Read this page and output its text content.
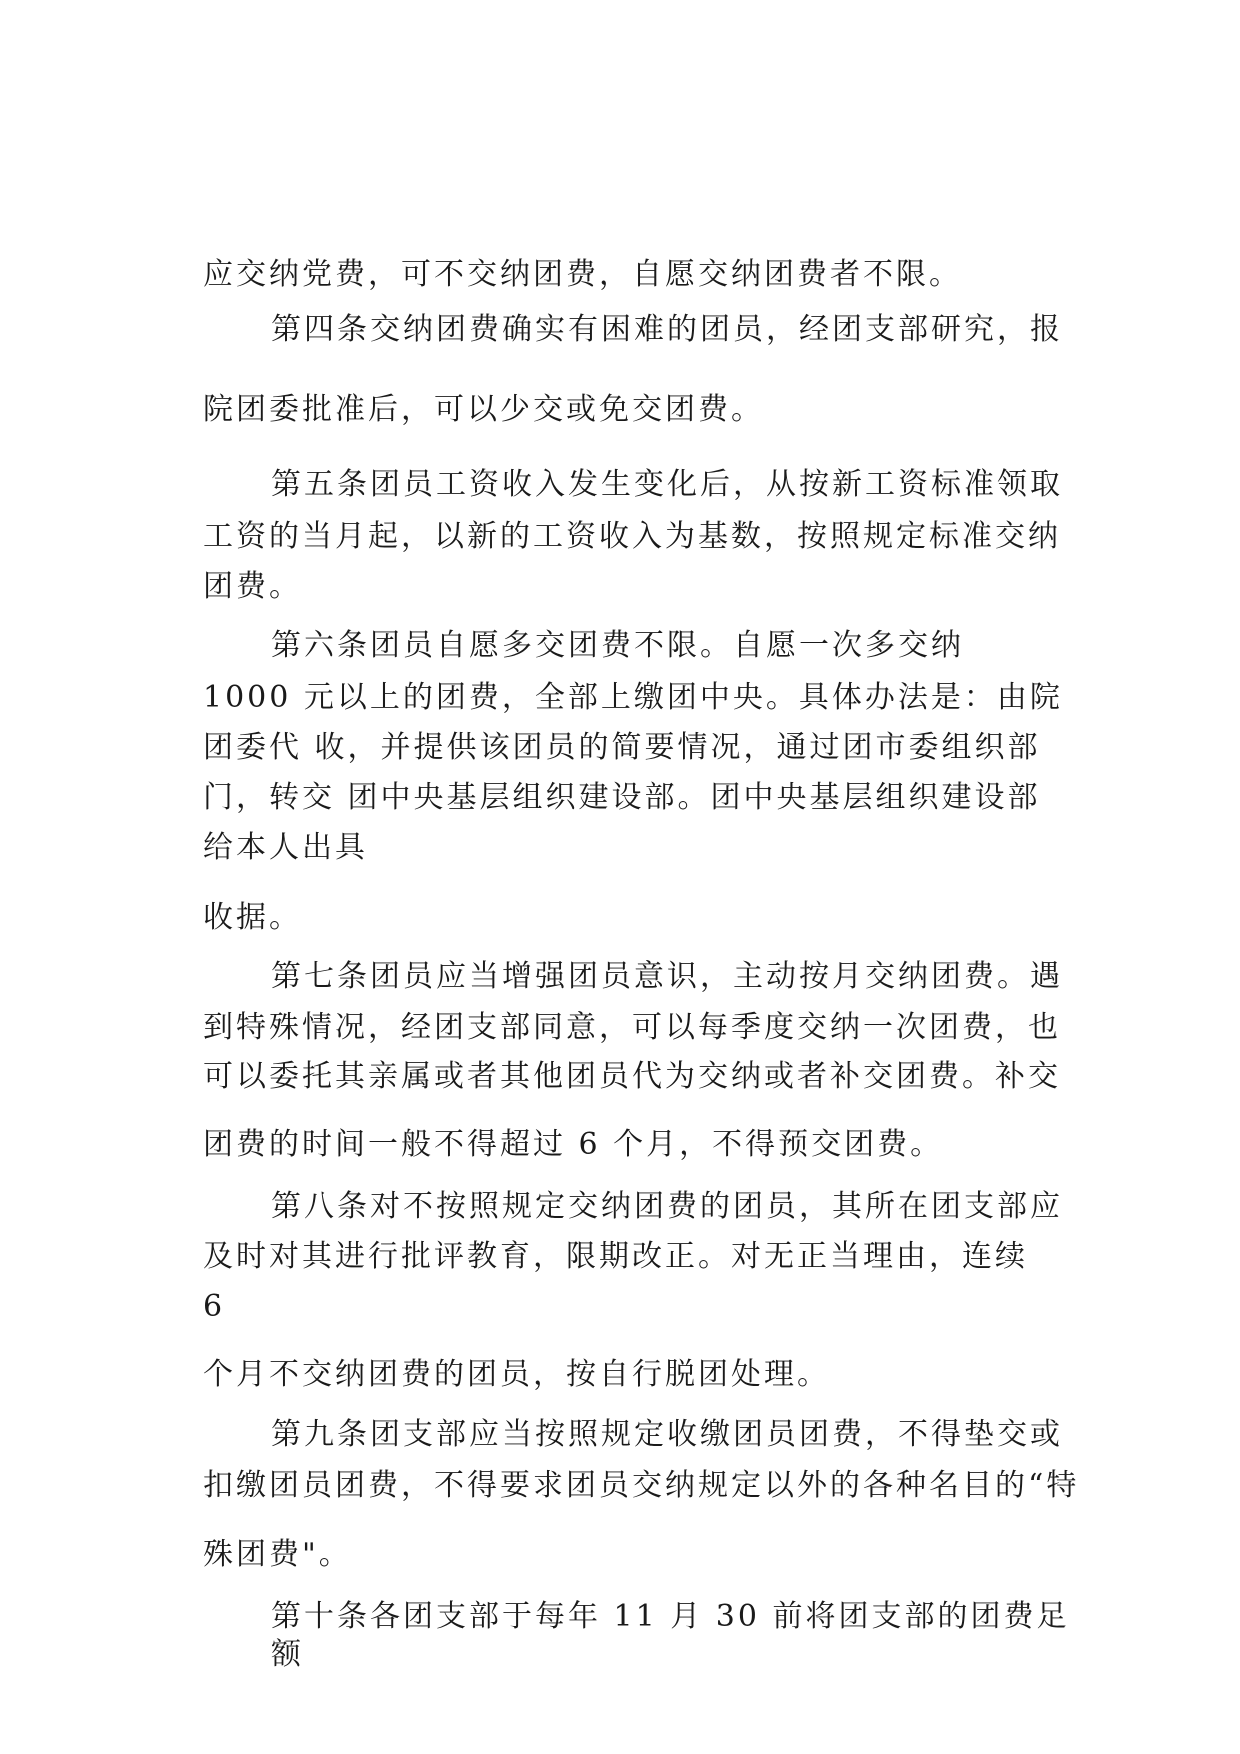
应交纳党费，可不交纳团费，自愿交纳团费者不限。
第四条交纳团费确实有困难的团员，经团支部研究，报
院团委批准后，可以少交或免交团费。
第五条团员工资收入发生变化后，从按新工资标准领取
工资的当月起，以新的工资收入为基数，按照规定标准交纳
团费。
第六条团员自愿多交团费不限。自愿一次多交纳
1000 元以上的团费，全部上缴团中央。具体办法是：由院
团委代 收，并提供该团员的简要情况，通过团市委组织部
门，转交 团中央基层组织建设部。团中央基层组织建设部
给本人出具
收据。
第七条团员应当增强团员意识，主动按月交纳团费。遇
到特殊情况，经团支部同意，可以每季度交纳一次团费，也
可以委托其亲属或者其他团员代为交纳或者补交团费。补交
团费的时间一般不得超过 6 个月，不得预交团费。
第八条对不按照规定交纳团费的团员，其所在团支部应
及时对其进行批评教育，限期改正。对无正当理由，连续
6
个月不交纳团费的团员，按自行脱团处理。
第九条团支部应当按照规定收缴团员团费，不得垫交或
扣缴团员团费，不得要求团员交纳规定以外的各种名目的“特
殊团费"。
第十条各团支部于每年 11 月 30 前将团支部的团费足
额
